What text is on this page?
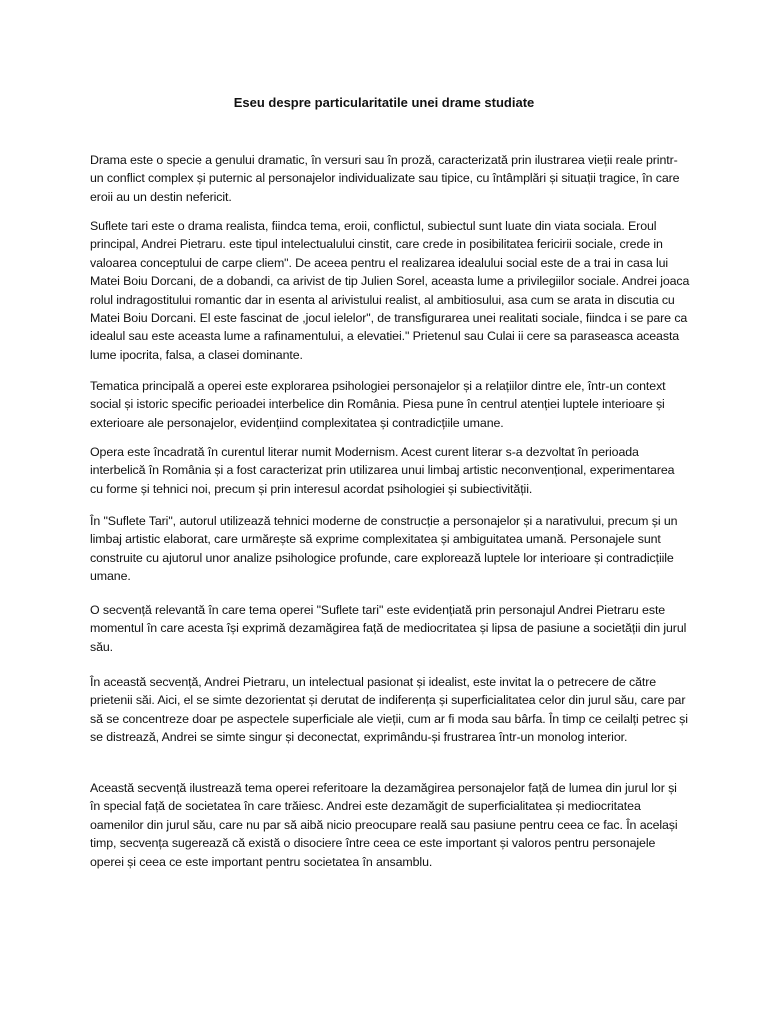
Eseu despre particularitatile unei drame studiate

Drama este o specie a genului dramatic, în versuri sau în proză, caracterizată prin ilustrarea vieții reale printr-un conflict complex și puternic al personajelor individualizate sau tipice, cu întâmplări și situații tragice, în care eroii au un destin nefericit.

Suflete tari este o drama realista, fiindca tema, eroii, conflictul, subiectul sunt luate din viata sociala. Eroul principal, Andrei Pietraru. este tipul intelectualului cinstit, care crede in posibilitatea fericirii sociale, crede in valoarea conceptului de carpe cliem". De aceea pentru el realizarea idealului social este de a trai in casa lui Matei Boiu Dorcani, de a dobandi, ca arivist de tip Julien Sorel, aceasta lume a privilegiilor sociale. Andrei joaca rolul indragostitului romantic dar in esenta al arivistului realist, al ambitiosului, asa cum se arata in discutia cu Matei Boiu Dorcani. El este fascinat de ,jocul ielelor", de transfigurarea unei realitati sociale, fiindca i se pare ca idealul sau este aceasta lume a rafinamentului, a elevatiei." Prietenul sau Culai ii cere sa paraseasca aceasta lume ipocrita, falsa, a clasei dominante.

Tematica principală a operei este explorarea psihologiei personajelor și a relațiilor dintre ele, într-un context social și istoric specific perioadei interbelice din România. Piesa pune în centrul atenției luptele interioare și exterioare ale personajelor, evidențiind complexitatea și contradicțiile umane.

Opera este încadrată în curentul literar numit Modernism. Acest curent literar s-a dezvoltat în perioada interbelică în România și a fost caracterizat prin utilizarea unui limbaj artistic neconvențional, experimentarea cu forme și tehnici noi, precum și prin interesul acordat psihologiei și subiectivității.

În "Suflete Tari", autorul utilizează tehnici moderne de construcție a personajelor și a narativului, precum și un limbaj artistic elaborat, care urmărește să exprime complexitatea și ambiguitatea umană. Personajele sunt construite cu ajutorul unor analize psihologice profunde, care explorează luptele lor interioare și contradicțiile umane.

O secvență relevantă în care tema operei "Suflete tari" este evidențiată prin personajul Andrei Pietraru este momentul în care acesta își exprimă dezamăgirea față de mediocritatea și lipsa de pasiune a societății din jurul său.

În această secvență, Andrei Pietraru, un intelectual pasionat și idealist, este invitat la o petrecere de către prietenii săi. Aici, el se simte dezorientat și derutat de indiferența și superficialitatea celor din jurul său, care par să se concentreze doar pe aspectele superficiale ale vieții, cum ar fi moda sau bârfa. În timp ce ceilalți petrec și se distrează, Andrei se simte singur și deconectat, exprimându-și frustrarea într-un monolog interior.

Această secvență ilustrează tema operei referitoare la dezamăgirea personajelor față de lumea din jurul lor și în special față de societatea în care trăiesc. Andrei este dezamăgit de superficialitatea și mediocritatea oamenilor din jurul său, care nu par să aibă nicio preocupare reală sau pasiune pentru ceea ce fac. În același timp, secvența sugerează că există o disociere între ceea ce este important și valoros pentru personajele operei și ceea ce este important pentru societatea în ansamblu.
